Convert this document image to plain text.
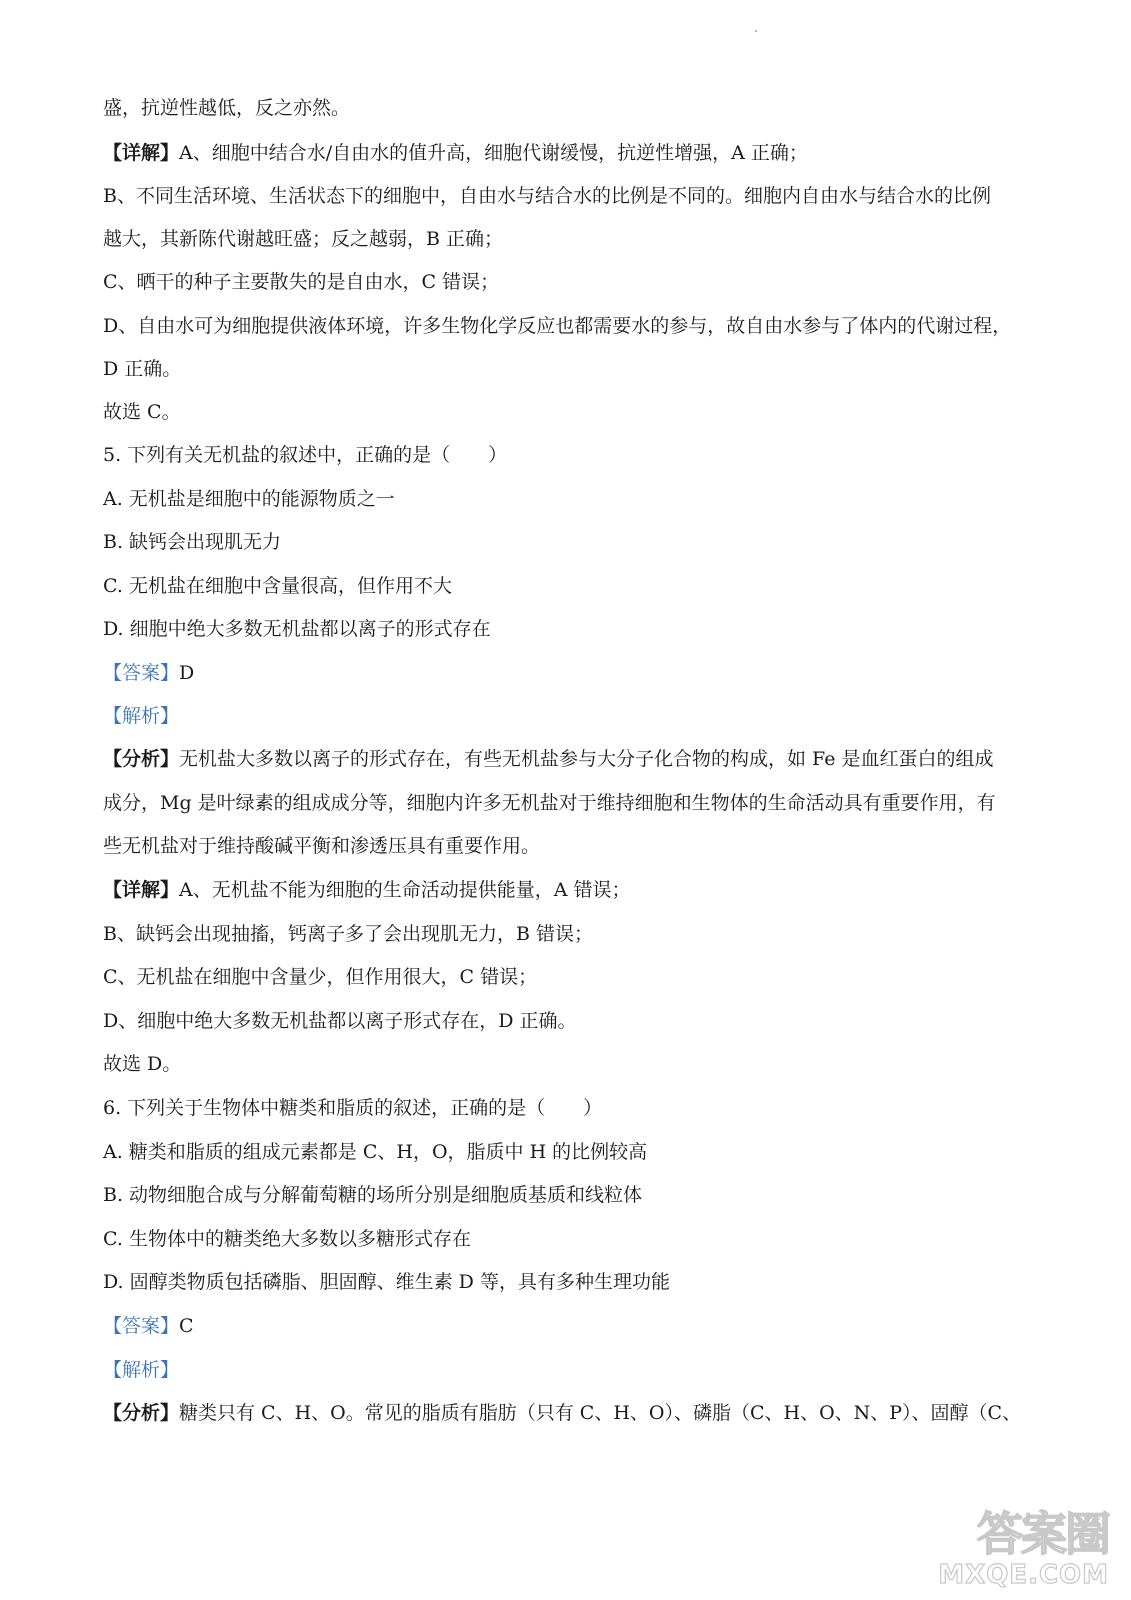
盛，抗逆性越低，反之亦然。
【详解】A、细胞中结合水/自由水的值升高，细胞代谢缓慢，抗逆性增强，A 正确；
B、不同生活环境、生活状态下的细胞中，自由水与结合水的比例是不同的。细胞内自由水与结合水的比例
越大，其新陈代谢越旺盛；反之越弱，B 正确；
C、晒干的种子主要散失的是自由水，C 错误；
D、自由水可为细胞提供液体环境，许多生物化学反应也都需要水的参与，故自由水参与了体内的代谢过程，
D 正确。
故选 C。
5. 下列有关无机盐的叙述中，正确的是（　　）
A. 无机盐是细胞中的能源物质之一
B. 缺钙会出现肌无力
C. 无机盐在细胞中含量很高，但作用不大
D. 细胞中绝大多数无机盐都以离子的形式存在
【答案】D
【解析】
【分析】无机盐大多数以离子的形式存在，有些无机盐参与大分子化合物的构成，如 Fe 是血红蛋白的组成
成分，Mg 是叶绿素的组成成分等，细胞内许多无机盐对于维持细胞和生物体的生命活动具有重要作用，有
些无机盐对于维持酸碱平衡和渗透压具有重要作用。
【详解】A、无机盐不能为细胞的生命活动提供能量，A 错误；
B、缺钙会出现抽搐，钙离子多了会出现肌无力，B 错误；
C、无机盐在细胞中含量少，但作用很大，C 错误；
D、细胞中绝大多数无机盐都以离子形式存在，D 正确。
故选 D。
6. 下列关于生物体中糖类和脂质的叙述，正确的是（　　）
A. 糖类和脂质的组成元素都是 C、H，O，脂质中 H 的比例较高
B. 动物细胞合成与分解葡萄糖的场所分别是细胞质基质和线粒体
C. 生物体中的糖类绝大多数以多糖形式存在
D. 固醇类物质包括磷脂、胆固醇、维生素 D 等，具有多种生理功能
【答案】C
【解析】
【分析】糖类只有 C、H、O。常见的脂质有脂肪（只有 C、H、O）、磷脂（C、H、O、N、P）、固醇（C、
答案圈
MXQE.COM
